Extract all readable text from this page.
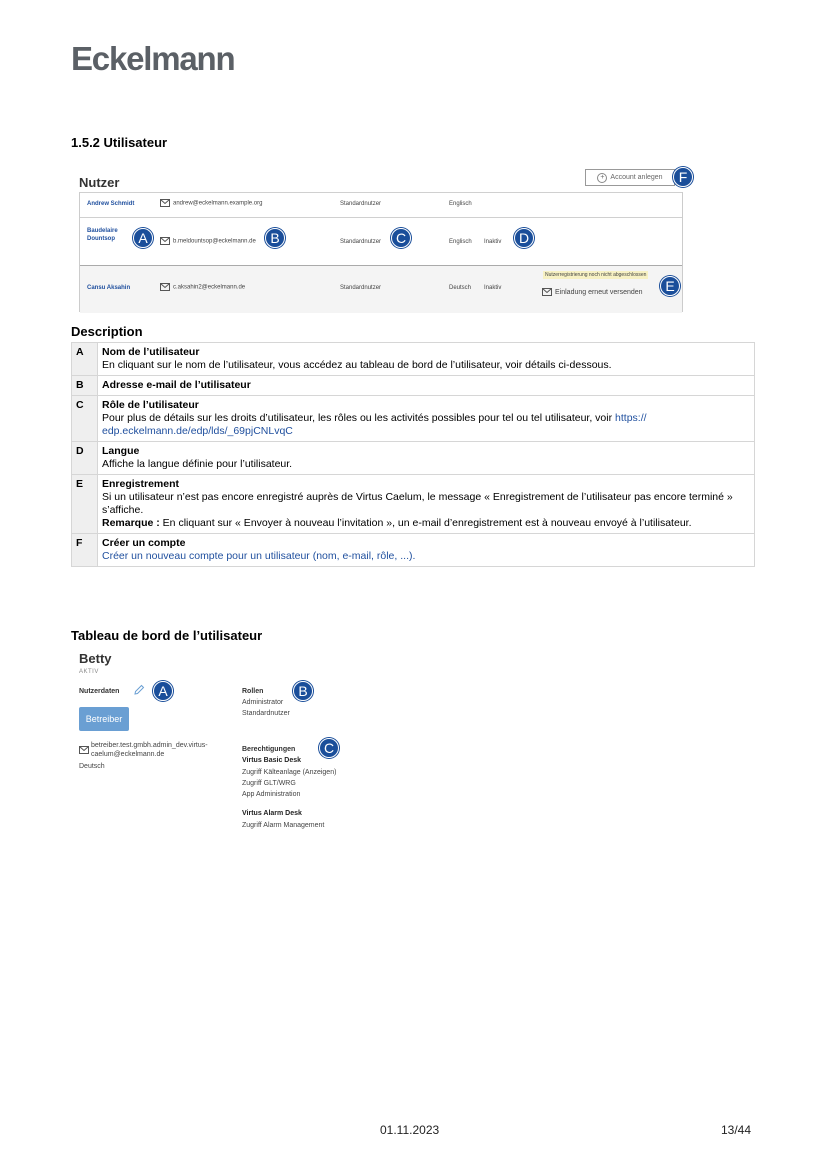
Eckelmann
1.5.2 Utilisateur
Nutzer	+ Account anlegen	F
Andrew Schmidt	andrew@eckelmann.example.org	Standardnutzer	Englisch
Baudelaire Dountsop	b.meldountsop@eckelmann.de	Standardnutzer	Englisch Inaktiv
A	B	C	D
Cansu Aksahin	c.aksahin2@eckelmann.de	Standardnutzer	Deutsch Inaktiv
Nutzerregistrierung noch nicht abgeschlossen
Einladung erneut versenden	E
Description
A	Nom de l’utilisateur
En cliquant sur le nom de l’utilisateur, vous accédez au tableau de bord de l’utilisateur, voir détails ci-dessous.

B	Adresse e-mail de l’utilisateur

C	Rôle de l’utilisateur
Pour plus de détails sur les droits d’utilisateur, les rôles ou les activités possibles pour tel ou tel utilisateur, voir https://
edp.eckelmann.de/edp/lds/_69pjCNLvqC

D	Langue
Affiche la langue définie pour l’utilisateur.

E	Enregistrement
Si un utilisateur n’est pas encore enregistré auprès de Virtus Caelum, le message « Enregistrement de l’utilisateur pas encore terminé » s’affiche.
Remarque : En cliquant sur « Envoyer à nouveau l’invitation », un e-mail d’enregistrement est à nouveau envoyé à l’utilisateur.

F	Créer un compte
Créer un nouveau compte pour un utilisateur (nom, e-mail, rôle, ...).
Tableau de bord de l’utilisateur
Betty
AKTIV
Nutzerdaten	A
Betreiber
betreiber.test.gmbh.admin_dev.virtus-
caelum@eckelmann.de
Deutsch
Rollen	B
Administrator
Standardnutzer
Berechtigungen	C
Virtus Basic Desk
Zugriff Kälteanlage (Anzeigen)
Zugriff GLT/WRG
App Administration
Virtus Alarm Desk
Zugriff Alarm Management
01.11.2023	13/44
